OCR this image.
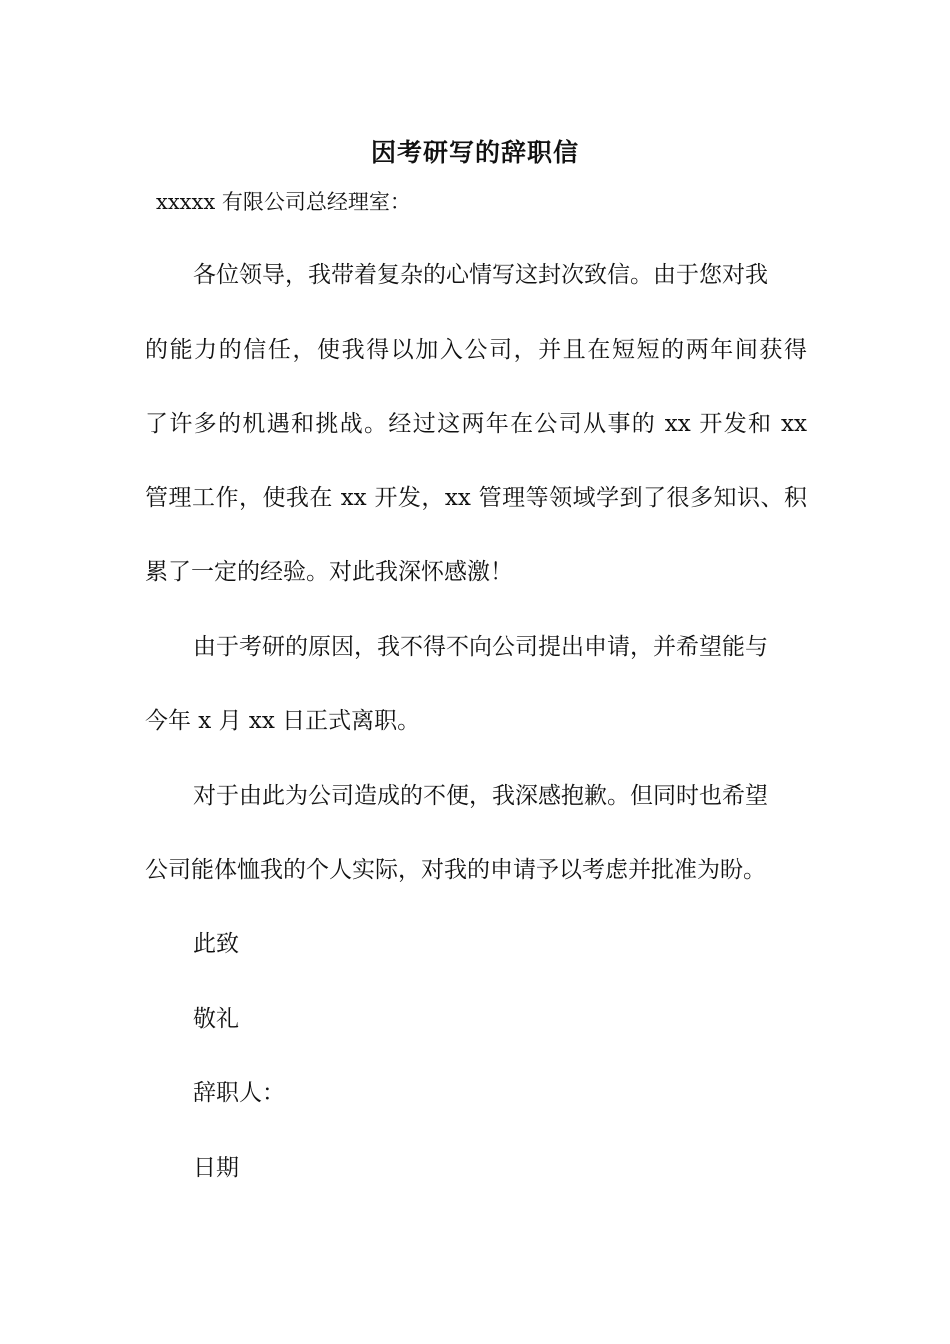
因考研写的辞职信
xxxxx 有限公司总经理室：
各位领导，我带着复杂的心情写这封次致信。由于您对我
的能力的信任，使我得以加入公司，并且在短短的两年间获得
了许多的机遇和挑战。经过这两年在公司从事的 xx 开发和 xx
管理工作，使我在 xx 开发，xx 管理等领域学到了很多知识、积
累了一定的经验。对此我深怀感激！
由于考研的原因，我不得不向公司提出申请，并希望能与
今年 x 月 xx 日正式离职。
对于由此为公司造成的不便，我深感抱歉。但同时也希望
公司能体恤我的个人实际，对我的申请予以考虑并批准为盼。
此致
敬礼
辞职人：
日期
